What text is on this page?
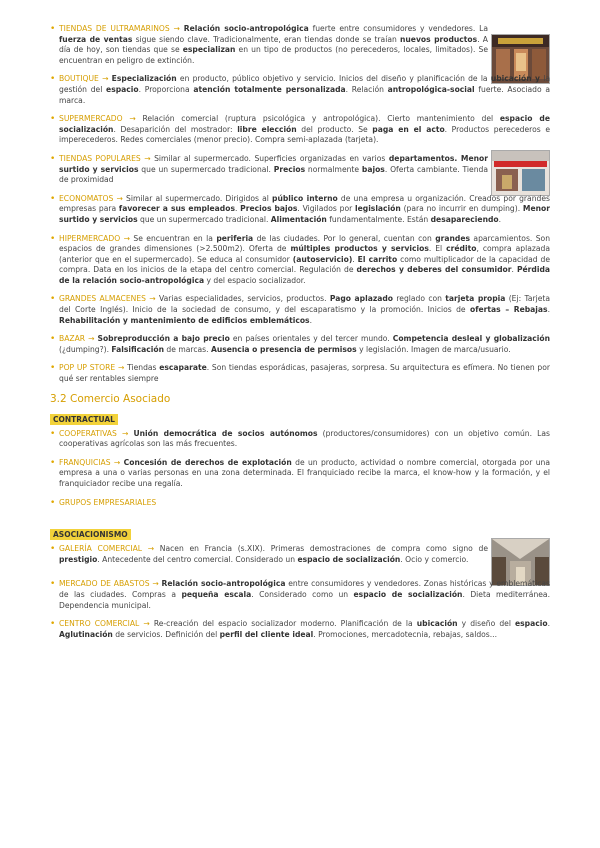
• TIENDAS DE ULTRAMARINOS → Relación socio-antropológica fuerte entre consumidores y vendedores. La fuerza de ventas sigue siendo clave. Tradicionalmente, eran tiendas donde se traían nuevos productos. A día de hoy, son tiendas que se especializan en un tipo de productos (no perecederos, locales, limitados). Se encuentran en peligro de extinción.
• BOUTIQUE → Especialización en producto, público objetivo y servicio. Inicios del diseño y planificación de la ubicación y la gestión del espacio. Proporciona atención totalmente personalizada. Relación antropológica-social fuerte. Asociado a marca.
• SUPERMERCADO → Relación comercial (ruptura psicológica y antropológica). Cierto mantenimiento del espacio de socialización. Desaparición del mostrador: libre elección del producto. Se paga en el acto. Productos perecederos e imperecederos. Redes comerciales (menor precio). Compra semi-aplazada (tarjeta).
• TIENDAS POPULARES → Similar al supermercado. Superficies organizadas en varios departamentos. Menor surtido y servicios que un supermercado tradicional. Precios normalmente bajos. Oferta cambiante. Tienda de proximidad
• ECONOMATOS → Similar al supermercado. Dirigidos al público interno de una empresa u organización. Creados por grandes empresas para favorecer a sus empleados. Precios bajos. Vigilados por legislación (para no incurrir en dumping). Menor surtido y servicios que un supermercado tradicional. Alimentación fundamentalmente. Están desapareciendo.
• HIPERMERCADO → Se encuentran en la periferia de las ciudades. Por lo general, cuentan con grandes aparcamientos. Son espacios de grandes dimensiones (>2.500m2). Oferta de múltiples productos y servicios. El crédito, compra aplazada (anterior que en el supermercado). Se educa al consumidor (autoservicio). El carrito como multiplicador de la capacidad de compra. Data en los inicios de la etapa del centro comercial. Regulación de derechos y deberes del consumidor. Pérdida de la relación socio-antropológica y del espacio socializador.
• GRANDES ALMACENES → Varias especialidades, servicios, productos. Pago aplazado reglado con tarjeta propia (Ej: Tarjeta del Corte Inglés). Inicio de la sociedad de consumo, y del escaparatismo y la promoción. Inicios de ofertas – Rebajas. Rehabilitación y mantenimiento de edificios emblemáticos.
• BAZAR → Sobreproducción a bajo precio en países orientales y del tercer mundo. Competencia desleal y globalización (¿dumping?). Falsificación de marcas. Ausencia o presencia de permisos y legislación. Imagen de marca/usuario.
• POP UP STORE → Tiendas escaparate. Son tiendas esporádicas, pasajeras, sorpresa. Su arquitectura es efímera. No tienen por qué ser rentables siempre
3.2 Comercio Asociado
CONTRACTUAL
• COOPERATIVAS → Unión democrática de socios autónomos (productores/consumidores) con un objetivo común. Las cooperativas agrícolas son las más frecuentes.
• FRANQUICIAS → Concesión de derechos de explotación de un producto, actividad o nombre comercial, otorgada por una empresa a una o varias personas en una zona determinada. El franquiciado recibe la marca, el know-how y la formación, y el franquiciador recibe una regalía.
• GRUPOS EMPRESARIALES
ASOCIACIONISMO
• GALERÍA COMERCIAL → Nacen en Francia (s.XIX). Primeras demostraciones de compra como signo de prestigio. Antecedente del centro comercial. Considerado un espacio de socialización. Ocio y comercio.
• MERCADO DE ABASTOS → Relación socio-antropológica entre consumidores y vendedores. Zonas históricas y emblemáticas de las ciudades. Compras a pequeña escala. Considerado como un espacio de socialización. Dieta mediterránea. Dependencia municipal.
• CENTRO COMERCIAL → Re-creación del espacio socializador moderno. Planificación de la ubicación y diseño del espacio. Aglutinación de servicios. Definición del perfil del cliente ideal. Promociones, mercadotecnia, rebajas, saldos...
